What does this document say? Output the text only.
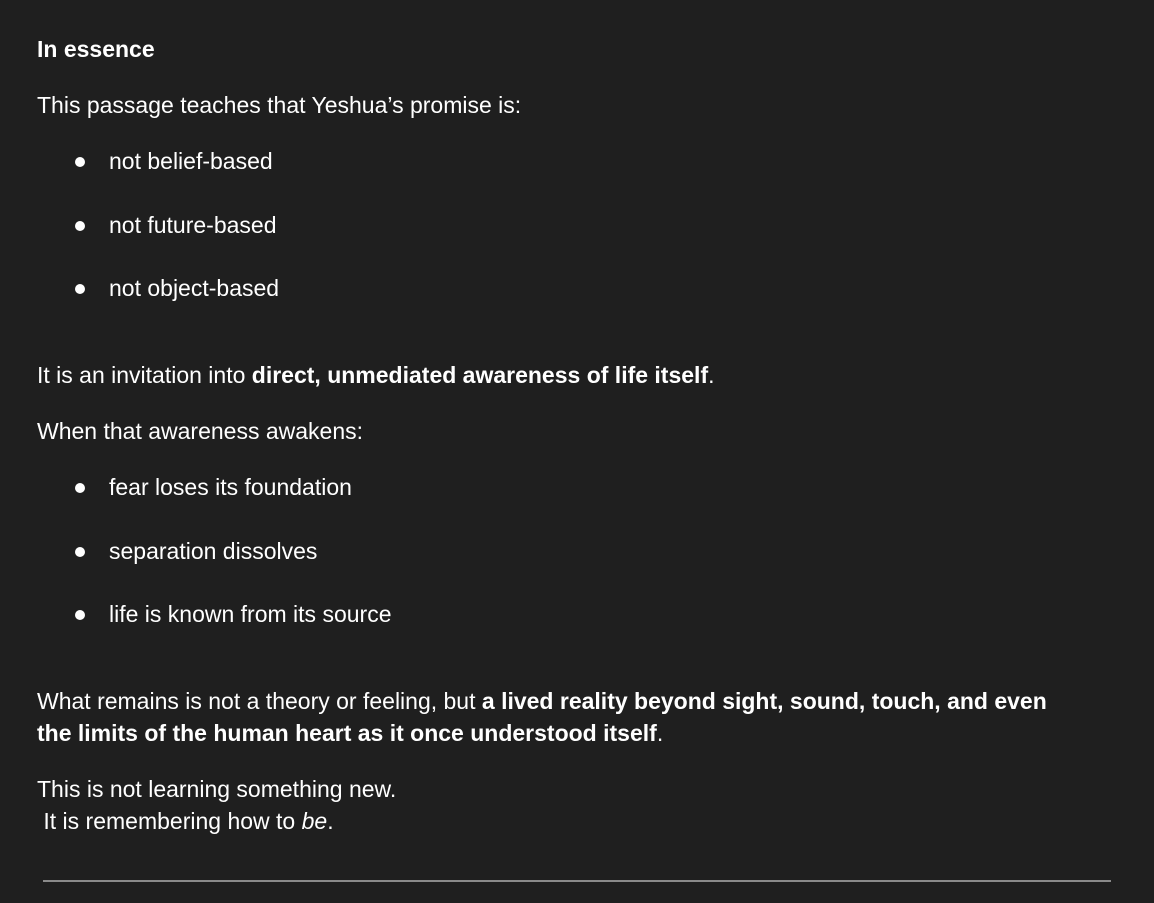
In essence

This passage teaches that Yeshua’s promise is:

not belief-based
not future-based
not object-based

It is an invitation into direct, unmediated awareness of life itself.

When that awareness awakens:

fear loses its foundation
separation dissolves
life is known from its source

What remains is not a theory or feeling, but a lived reality beyond sight, sound, touch, and even
the limits of the human heart as it once understood itself.

This is not learning something new.
It is remembering how to be.
